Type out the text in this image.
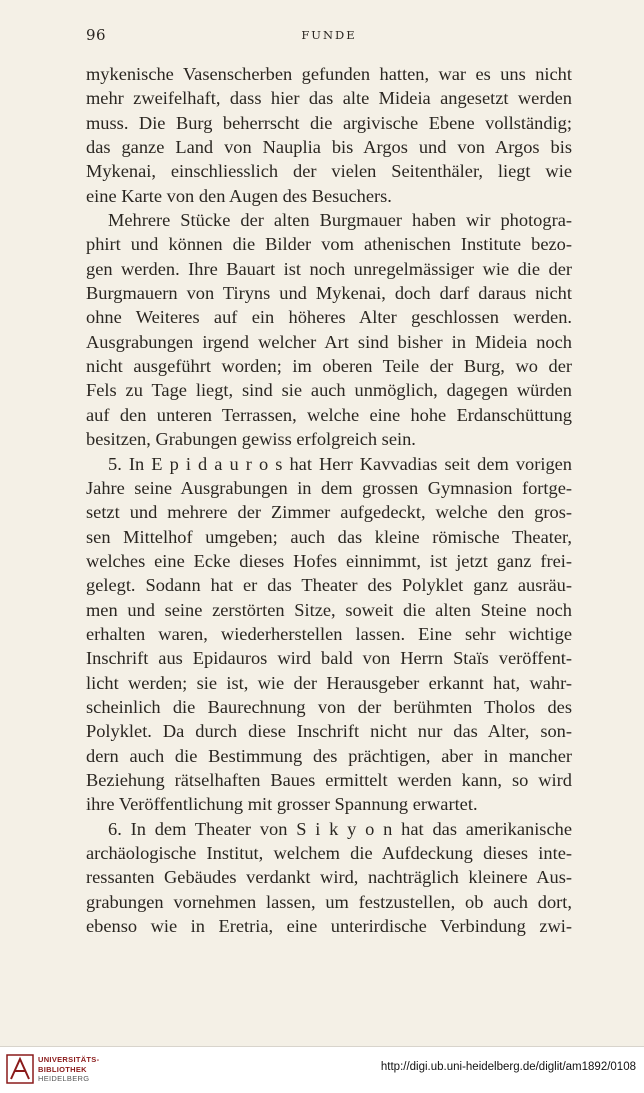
96	FUNDE
mykenische Vasenscherben gefunden hatten, war es uns nicht
mehr zweifelhaft, dass hier das alte Mideia angesetzt werden
muss. Die Burg beherrscht die argivische Ebene vollständig;
das ganze Land von Nauplia bis Argos und von Argos bis
Mykenai, einschliesslich der vielen Seitenthäler, liegt wie
eine Karte von den Augen des Besuchers.
Mehrere Stücke der alten Burgmauer haben wir photogra-
phirt und können die Bilder vom athenischen Institute bezo-
gen werden. Ihre Bauart ist noch unregelmässiger wie die der
Burgmauern von Tiryns und Mykenai, doch darf daraus nicht
ohne Weiteres auf ein höheres Alter geschlossen werden.
Ausgrabungen irgend welcher Art sind bisher in Mideia noch
nicht ausgeführt worden; im oberen Teile der Burg, wo der
Fels zu Tage liegt, sind sie auch unmöglich, dagegen würden
auf den unteren Terrassen, welche eine hohe Erdanschüttung
besitzen, Grabungen gewiss erfolgreich sein.
5. In E p i d a u r o s hat Herr Kavvadias seit dem vorigen
Jahre seine Ausgrabungen in dem grossen Gymnasion fortge-
setzt und mehrere der Zimmer aufgedeckt, welche den gros-
sen Mittelhof umgeben; auch das kleine römische Theater,
welches eine Ecke dieses Hofes einnimmt, ist jetzt ganz frei-
gelegt. Sodann hat er das Theater des Polyklet ganz ausräu-
men und seine zerstörten Sitze, soweit die alten Steine noch
erhalten waren, wiederherstellen lassen. Eine sehr wichtige
Inschrift aus Epidauros wird bald von Herrn Staïs veröffent-
licht werden; sie ist, wie der Herausgeber erkannt hat, wahr-
scheinlich die Baurechnung von der berühmten Tholos des
Polyklet. Da durch diese Inschrift nicht nur das Alter, son-
dern auch die Bestimmung des prächtigen, aber in mancher
Beziehung rätselhaften Baues ermittelt werden kann, so wird
ihre Veröffentlichung mit grosser Spannung erwartet.
6. In dem Theater von S i k y o n hat das amerikanische
archäologische Institut, welchem die Aufdeckung dieses inte-
ressanten Gebäudes verdankt wird, nachträglich kleinere Aus-
grabungen vornehmen lassen, um festzustellen, ob auch dort,
ebenso wie in Eretria, eine unterirdische Verbindung zwi-
UNIVERSITÄTS-
BIBLIOTHEK
HEIDELBERG
http://digi.ub.uni-heidelberg.de/diglit/am1892/0108
